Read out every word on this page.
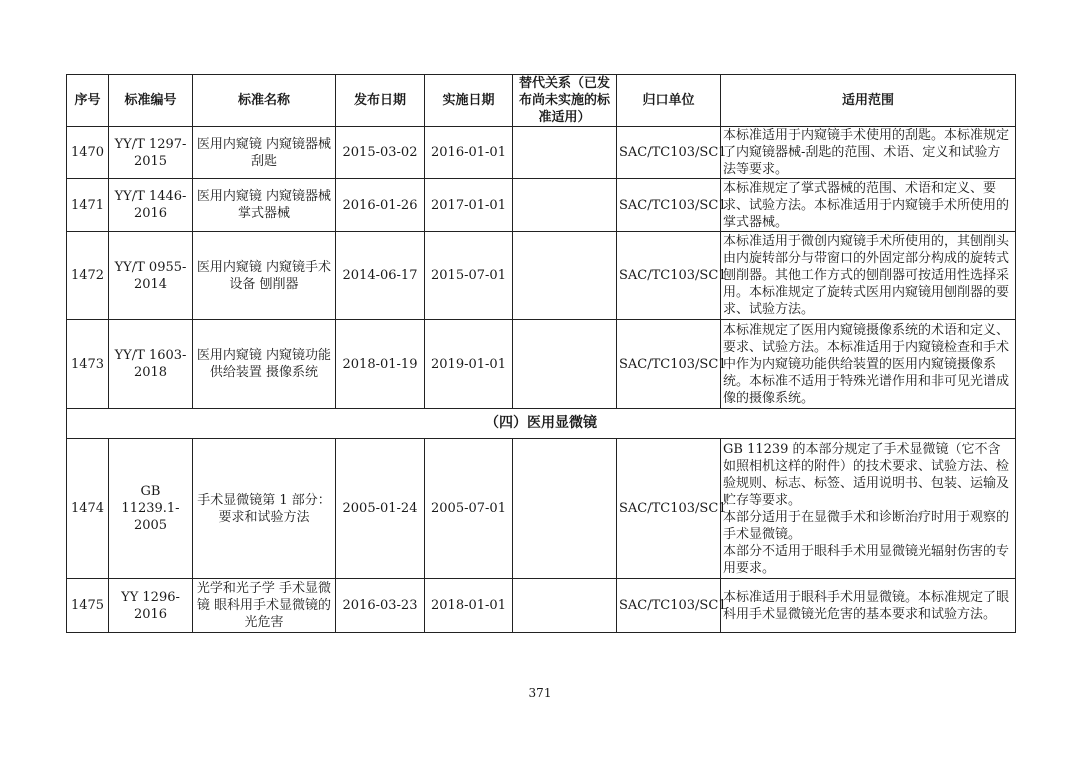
序号	标准编号	标准名称	发布日期	实施日期	替代关系（已发布尚未实施的标准适用）	归口单位	适用范围
1470	YY/T 1297-2015	医用内窥镜 内窥镜器械 刮匙	2015-03-02	2016-01-01		SAC/TC103/SC1	本标准适用于内窥镜手术使用的刮匙。本标准规定了内窥镜器械-刮匙的范围、术语、定义和试验方法等要求。

1471	YY/T 1446-2016	医用内窥镜 内窥镜器械 掌式器械	2016-01-26	2017-01-01		SAC/TC103/SC1	本标准规定了掌式器械的范围、术语和定义、要求、试验方法。本标准适用于内窥镜手术所使用的掌式器械。

1472	YY/T 0955-2014	医用内窥镜 内窥镜手术设备 刨削器	2014-06-17	2015-07-01		SAC/TC103/SC1	本标准适用于微创内窥镜手术所使用的，其刨削头由内旋转部分与带窗口的外固定部分构成的旋转式刨削器。其他工作方式的刨削器可按适用性选择采用。本标准规定了旋转式医用内窥镜用刨削器的要求、试验方法。

1473	YY/T 1603-2018	医用内窥镜 内窥镜功能供给装置 摄像系统	2018-01-19	2019-01-01		SAC/TC103/SC1	本标准规定了医用内窥镜摄像系统的术语和定义、要求、试验方法。本标准适用于内窥镜检查和手术中作为内窥镜功能供给装置的医用内窥镜摄像系统。本标准不适用于特殊光谱作用和非可见光谱成像的摄像系统。

（四）医用显微镜							
1474	GB 11239.1-2005	手术显微镜第 1 部分：要求和试验方法	2005-01-24	2005-07-01		SAC/TC103/SC1	GB 11239 的本部分规定了手术显微镜（它不含如照相机这样的附件）的技术要求、试验方法、检验规则、标志、标签、适用说明书、包装、运输及贮存等要求。
本部分适用于在显微手术和诊断治疗时用于观察的手术显微镜。
本部分不适用于眼科手术用显微镜光辐射伤害的专用要求。

1475	YY 1296-2016	光学和光子学 手术显微镜 眼科用手术显微镜的光危害	2016-03-23	2018-01-01		SAC/TC103/SC1	本标准适用于眼科手术用显微镜。本标准规定了眼科用手术显微镜光危害的基本要求和试验方法。
371
